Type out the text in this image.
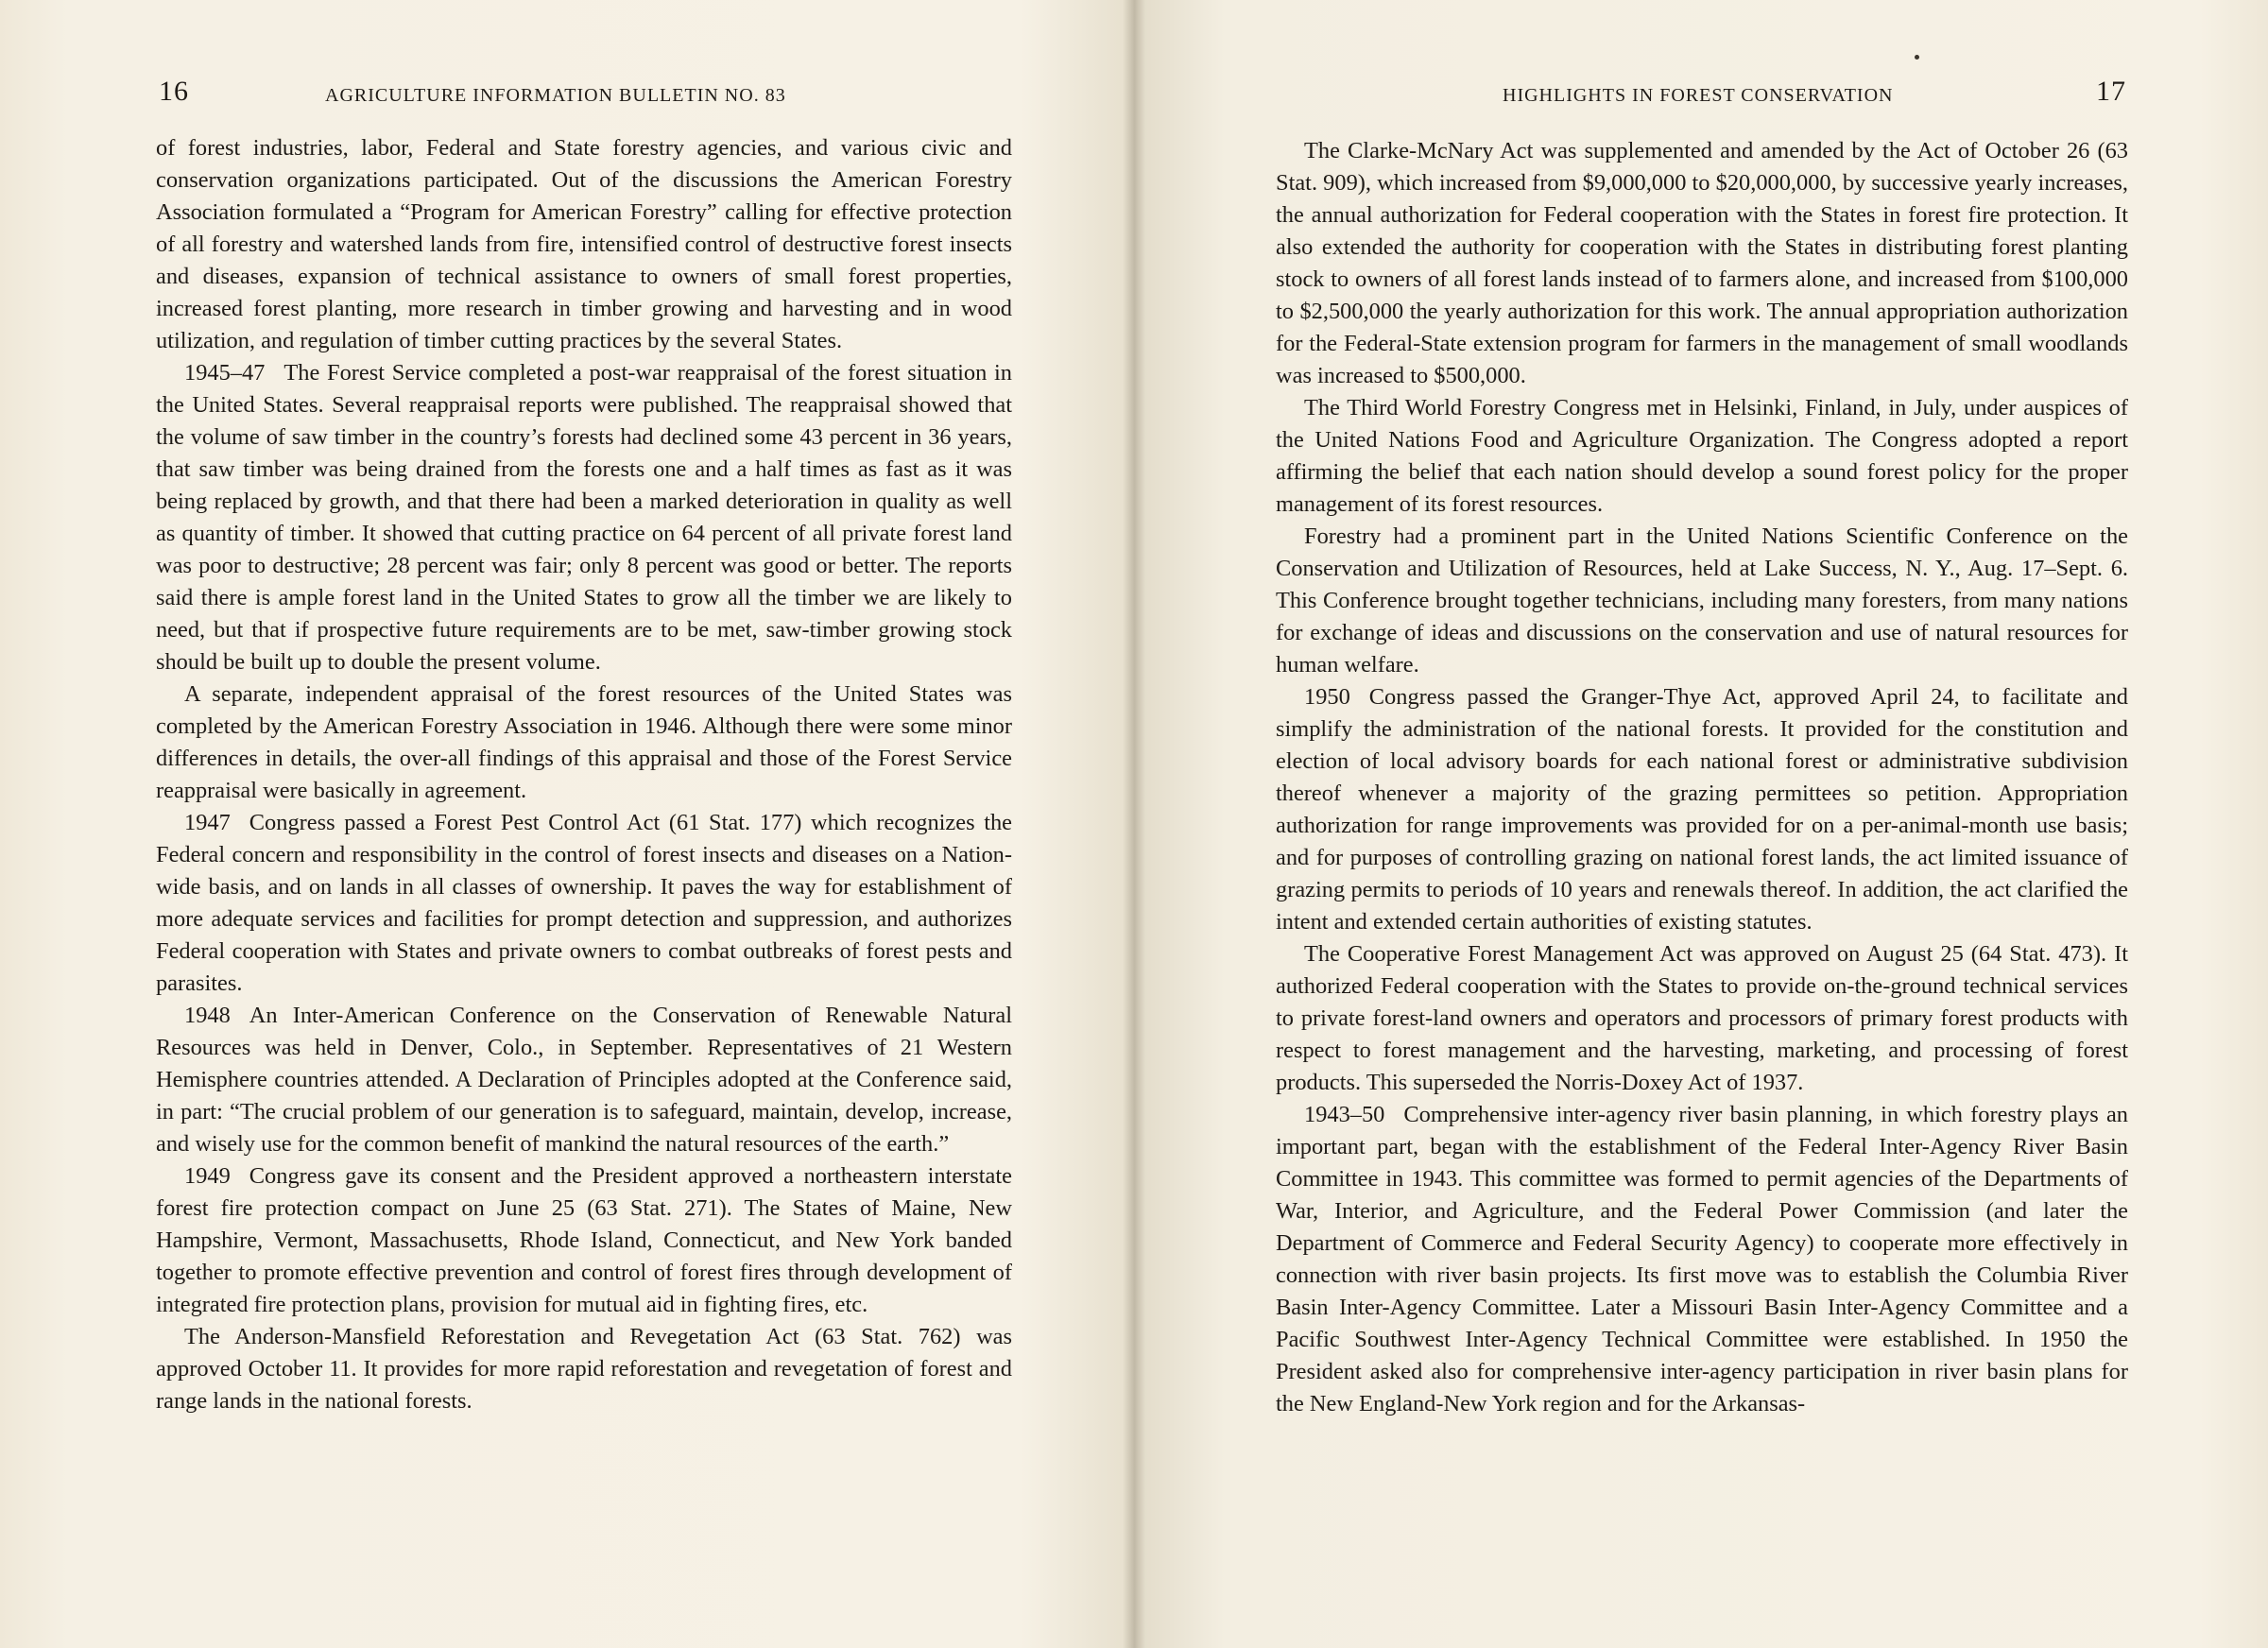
16	AGRICULTURE INFORMATION BULLETIN NO. 83

of forest industries, labor, Federal and State forestry agencies, and various civic and conservation organizations participated. Out of the discussions the American Forestry Association formulated a “Program for American Forestry” calling for effective protection of all forestry and watershed lands from fire, intensified control of destructive forest insects and diseases, expansion of technical assistance to owners of small forest properties, increased forest planting, more research in timber growing and harvesting and in wood utilization, and regulation of timber cutting practices by the several States.

1945–47 The Forest Service completed a post-war reappraisal of the forest situation in the United States. Several reappraisal reports were published. The reappraisal showed that the volume of saw timber in the country’s forests had declined some 43 percent in 36 years, that saw timber was being drained from the forests one and a half times as fast as it was being replaced by growth, and that there had been a marked deterioration in quality as well as quantity of timber. It showed that cutting practice on 64 percent of all private forest land was poor to destructive; 28 percent was fair; only 8 percent was good or better. The reports said there is ample forest land in the United States to grow all the timber we are likely to need, but that if prospective future requirements are to be met, saw-timber growing stock should be built up to double the present volume.

A separate, independent appraisal of the forest resources of the United States was completed by the American Forestry Association in 1946. Although there were some minor differences in details, the over-all findings of this appraisal and those of the Forest Service reappraisal were basically in agreement.

1947 Congress passed a Forest Pest Control Act (61 Stat. 177) which recognizes the Federal concern and responsibility in the control of forest insects and diseases on a Nation-wide basis, and on lands in all classes of ownership. It paves the way for establishment of more adequate services and facilities for prompt detection and suppression, and authorizes Federal cooperation with States and private owners to combat outbreaks of forest pests and parasites.

1948 An Inter-American Conference on the Conservation of Renewable Natural Resources was held in Denver, Colo., in September. Representatives of 21 Western Hemisphere countries attended. A Declaration of Principles adopted at the Conference said, in part: “The crucial problem of our generation is to safeguard, maintain, develop, increase, and wisely use for the common benefit of mankind the natural resources of the earth.”

1949 Congress gave its consent and the President approved a northeastern interstate forest fire protection compact on June 25 (63 Stat. 271). The States of Maine, New Hampshire, Vermont, Massachusetts, Rhode Island, Connecticut, and New York banded together to promote effective prevention and control of forest fires through development of integrated fire protection plans, provision for mutual aid in fighting fires, etc.

The Anderson-Mansfield Reforestation and Revegetation Act (63 Stat. 762) was approved October 11. It provides for more rapid reforestation and revegetation of forest and range lands in the national forests.

HIGHLIGHTS IN FOREST CONSERVATION	17

The Clarke-McNary Act was supplemented and amended by the Act of October 26 (63 Stat. 909), which increased from $9,000,000 to $20,000,000, by successive yearly increases, the annual authorization for Federal cooperation with the States in forest fire protection. It also extended the authority for cooperation with the States in distributing forest planting stock to owners of all forest lands instead of to farmers alone, and increased from $100,000 to $2,500,000 the yearly authorization for this work. The annual appropriation authorization for the Federal-State extension program for farmers in the management of small woodlands was increased to $500,000.

The Third World Forestry Congress met in Helsinki, Finland, in July, under auspices of the United Nations Food and Agriculture Organization. The Congress adopted a report affirming the belief that each nation should develop a sound forest policy for the proper management of its forest resources.

Forestry had a prominent part in the United Nations Scientific Conference on the Conservation and Utilization of Resources, held at Lake Success, N. Y., Aug. 17–Sept. 6. This Conference brought together technicians, including many foresters, from many nations for exchange of ideas and discussions on the conservation and use of natural resources for human welfare.

1950 Congress passed the Granger-Thye Act, approved April 24, to facilitate and simplify the administration of the national forests. It provided for the constitution and election of local advisory boards for each national forest or administrative subdivision thereof whenever a majority of the grazing permittees so petition. Appropriation authorization for range improvements was provided for on a per-animal-month use basis; and for purposes of controlling grazing on national forest lands, the act limited issuance of grazing permits to periods of 10 years and renewals thereof. In addition, the act clarified the intent and extended certain authorities of existing statutes.

The Cooperative Forest Management Act was approved on August 25 (64 Stat. 473). It authorized Federal cooperation with the States to provide on-the-ground technical services to private forest-land owners and operators and processors of primary forest products with respect to forest management and the harvesting, marketing, and processing of forest products. This superseded the Norris-Doxey Act of 1937.

1943–50 Comprehensive inter-agency river basin planning, in which forestry plays an important part, began with the establishment of the Federal Inter-Agency River Basin Committee in 1943. This committee was formed to permit agencies of the Departments of War, Interior, and Agriculture, and the Federal Power Commission (and later the Department of Commerce and Federal Security Agency) to cooperate more effectively in connection with river basin projects. Its first move was to establish the Columbia River Basin Inter-Agency Committee. Later a Missouri Basin Inter-Agency Committee and a Pacific Southwest Inter-Agency Technical Committee were established. In 1950 the President asked also for comprehensive inter-agency participation in river basin plans for the New England-New York region and for the Arkansas-
